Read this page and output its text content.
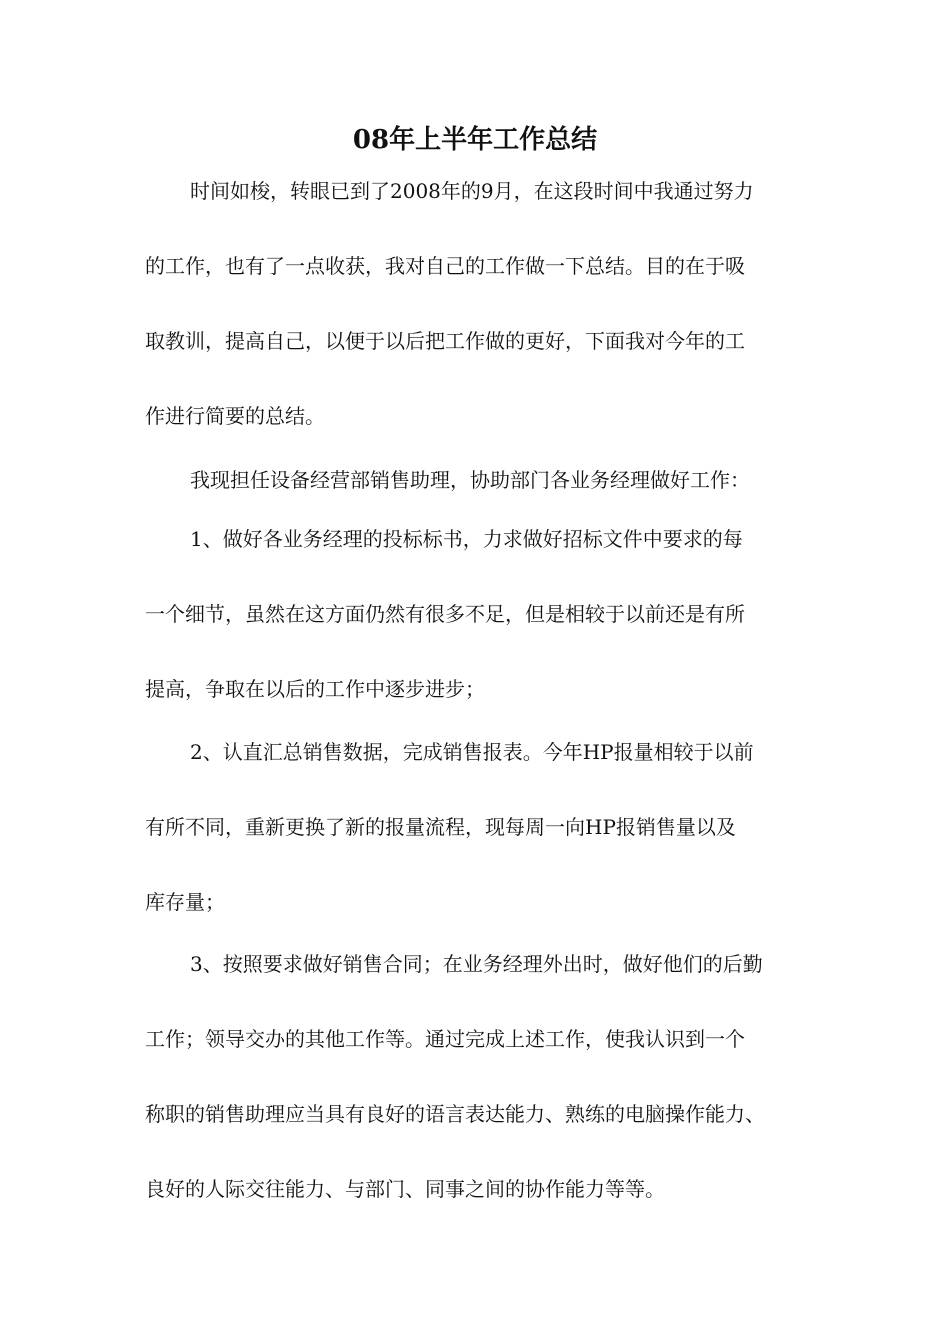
08年上半年工作总结
时间如梭，转眼已到了2008年的9月，在这段时间中我通过努力
的工作，也有了一点收获，我对自己的工作做一下总结。目的在于吸
取教训，提高自己，以便于以后把工作做的更好，下面我对今年的工
作进行简要的总结。
我现担任设备经营部销售助理，协助部门各业务经理做好工作：
1、做好各业务经理的投标标书，力求做好招标文件中要求的每
一个细节，虽然在这方面仍然有很多不足，但是相较于以前还是有所
提高，争取在以后的工作中逐步进步；
2、认直汇总销售数据，完成销售报表。今年HP报量相较于以前
有所不同，重新更换了新的报量流程，现每周一向HP报销售量以及
库存量；
3、按照要求做好销售合同；在业务经理外出时，做好他们的后勤
工作；领导交办的其他工作等。通过完成上述工作，使我认识到一个
称职的销售助理应当具有良好的语言表达能力、熟练的电脑操作能力、
良好的人际交往能力、与部门、同事之间的协作能力等等。
